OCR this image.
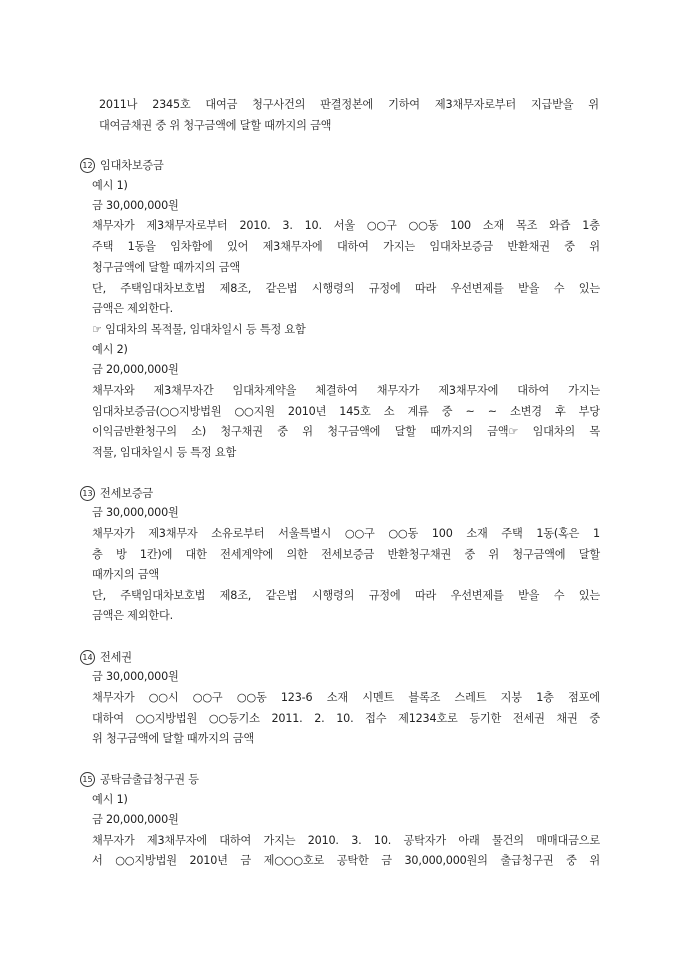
2011나 2345호 대여금 청구사건의 판결정본에 기하여 제3채무자로부터 지급받을 위
대여금채권 중 위 청구금액에 달할 때까지의 금액
12 임대차보증금
예시 1)
금 30,000,000원
채무자가 제3채무자로부터 2010. 3. 10. 서울 ○○구 ○○동 100 소재 목조 와즙 1층
주택 1동을 임차함에 있어 제3채무자에 대하여 가지는 임대차보증금 반환채권 중 위
청구금액에 달할 때까지의 금액
단, 주택임대차보호법 제8조, 같은법 시행령의 규정에 따라 우선변제를 받을 수 있는
금액은 제외한다.
☞ 임대차의 목적물, 임대차일시 등 특정 요함
예시 2)
금 20,000,000원
채무자와 제3채무자간 임대차계약을 체결하여 채무자가 제3채무자에 대하여 가지는
임대차보증금(○○지방법원 ○○지원 2010년 145호 소 계류 중 ~ ~ 소변경 후 부당
이익금반환청구의 소) 청구채권 중 위 청구금액에 달할 때까지의 금액☞ 임대차의 목
적물, 임대차일시 등 특정 요함
13 전세보증금
금 30,000,000원
채무자가 제3채무자 소유로부터 서울특별시 ○○구 ○○동 100 소재 주택 1동(혹은 1
층 방 1칸)에 대한 전세계약에 의한 전세보증금 반환청구채권 중 위 청구금액에 달할
때까지의 금액
단, 주택임대차보호법 제8조, 같은법 시행령의 규정에 따라 우선변제를 받을 수 있는
금액은 제외한다.
14 전세권
금 30,000,000원
채무자가 ○○시 ○○구 ○○동 123-6 소재 시멘트 블록조 스레트 지붕 1층 점포에
대하여 ○○지방법원 ○○등기소 2011. 2. 10. 접수 제1234호로 등기한 전세권 채권 중
위 청구금액에 달할 때까지의 금액
15 공탁금출급청구권 등
예시 1)
금 20,000,000원
채무자가 제3채무자에 대하여 가지는 2010. 3. 10. 공탁자가 아래 물건의 매매대금으로
서 ○○지방법원 2010년 금 제○○○호로 공탁한 금 30,000,000원의 출급청구권 중 위
